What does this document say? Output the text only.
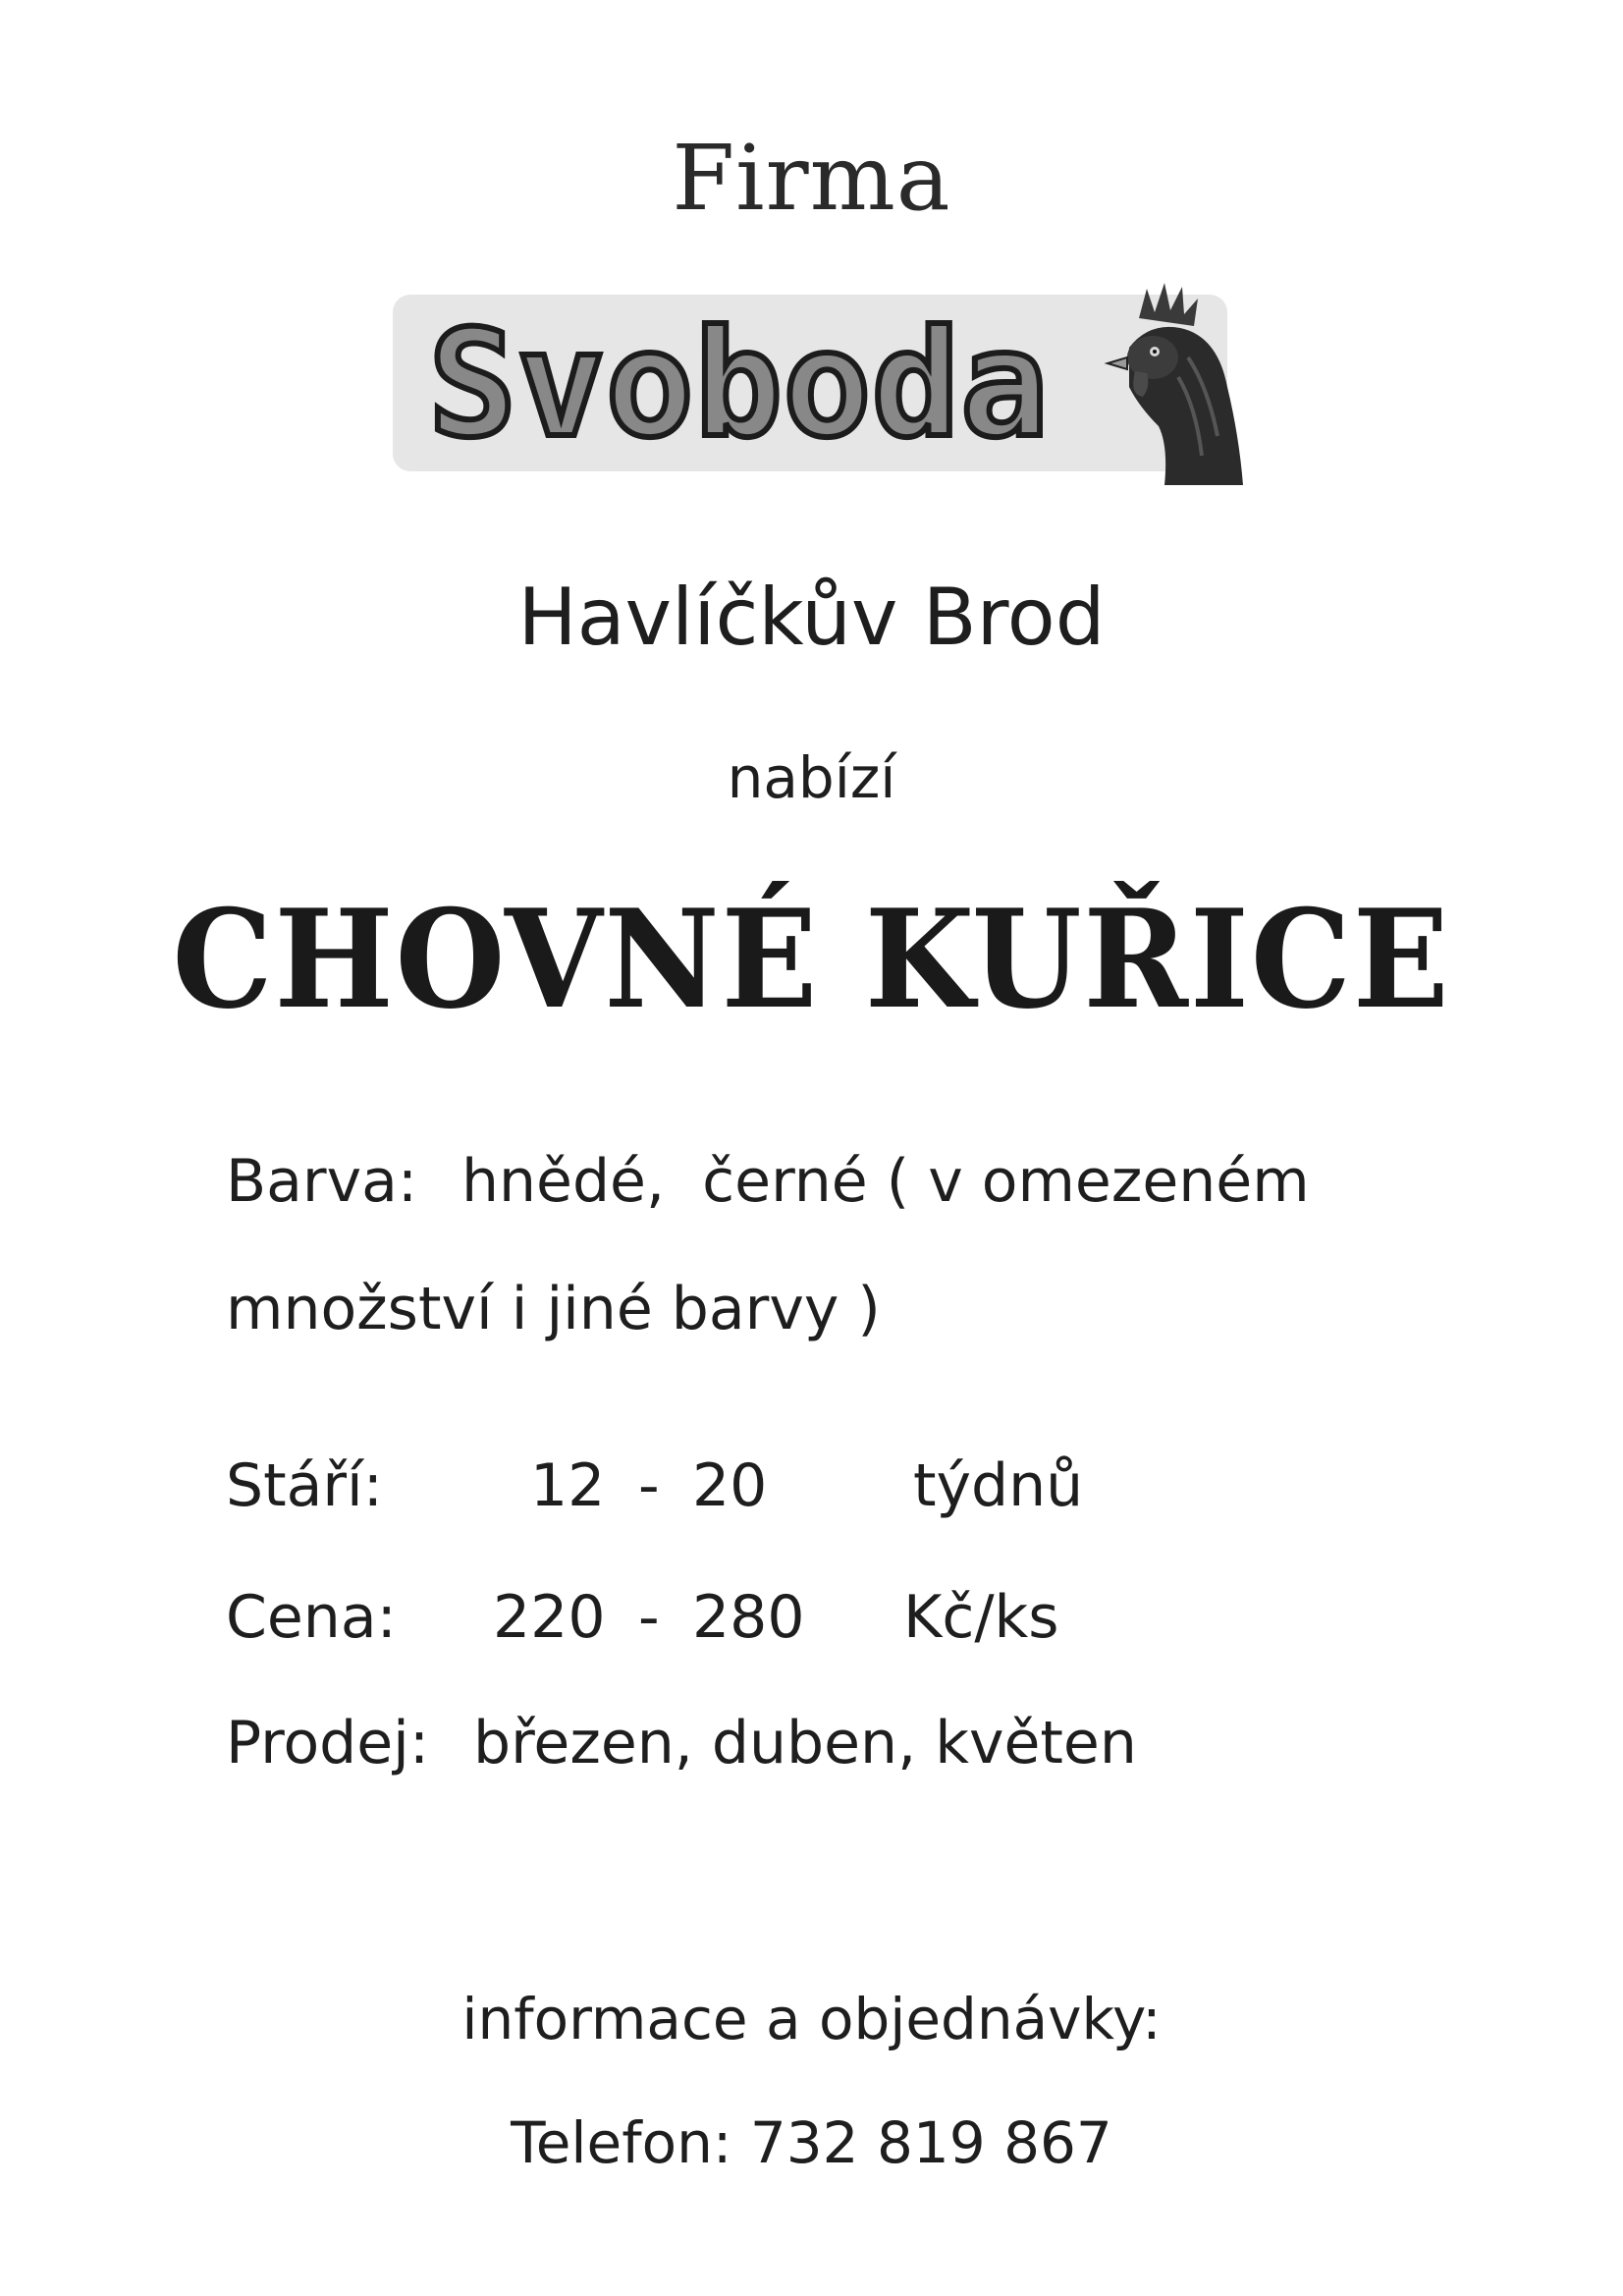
Firma
Svoboda
Havlíčkův Brod
nabízí
CHOVNÉ KUŘICE

Barva:

hnědé,  černé ( v omezeném

množství i jiné barvy )

Stáří:

	12

-

20

týdnů

Cena:

220

-

280

Kč/ks

Prodej:

březen, duben, květen

informace a objednávky:
Telefon: 732 819 867
